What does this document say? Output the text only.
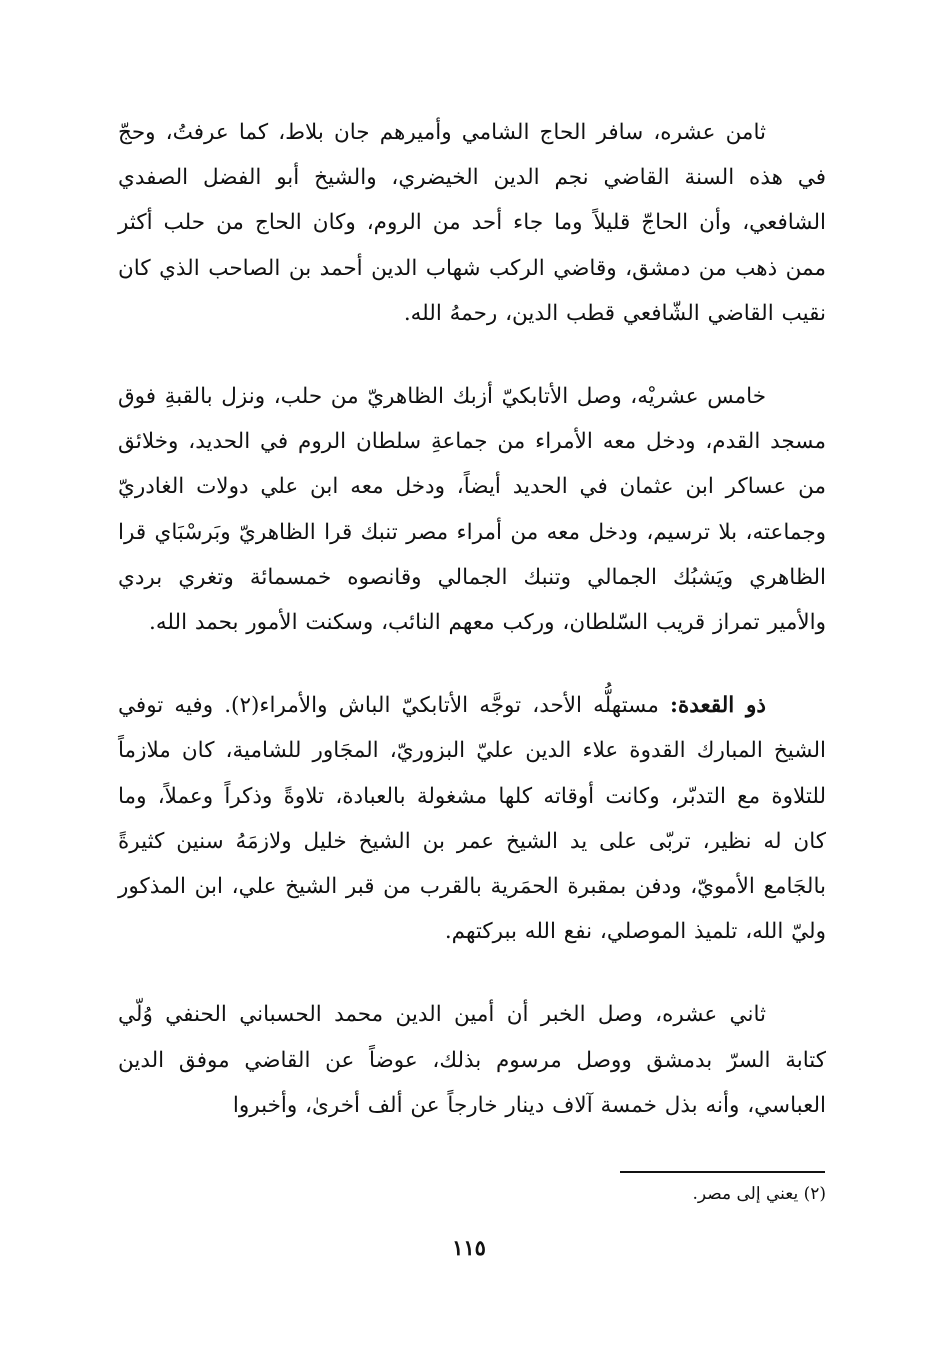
ثامن عشره، سافر الحاج الشامي وأميرهم جان بلاط، كما عرفتُ، وحجّ في هذه السنة القاضي نجم الدين الخيضري، والشيخ أبو الفضل الصفدي الشافعي، وأن الحاجّ قليلاً وما جاء أحد من الروم، وكان الحاج من حلب أكثر ممن ذهب من دمشق، وقاضي الركب شهاب الدين أحمد بن الصاحب الذي كان نقيب القاضي الشّافعي قطب الدين، رحمهُ الله.

خامس عشريْه، وصل الأتابكيّ أزبك الظاهريّ من حلب، ونزل بالقبةِ فوق مسجد القدم، ودخل معه الأمراء من جماعةِ سلطان الروم في الحديد، وخلائق من عساكر ابن عثمان في الحديد أيضاً، ودخل معه ابن علي دولات الغادريّ وجماعته، بلا ترسيم، ودخل معه من أمراء مصر تنبك قرا الظاهريّ وبَرسْبَاي قرا الظاهري ويَشبُك الجمالي وتنبك الجمالي وقانصوه خمسمائة وتغري بردي والأمير تمراز قريب السّلطان، وركب معهم النائب، وسكنت الأمور بحمد الله.

ذو القعدة: مستهلُّه الأحد، توجَّه الأتابكيّ الباش والأمراء(٢). وفيه توفي الشيخ المبارك القدوة علاء الدين عليّ البزوريّ، المجَاور للشامية، كان ملازماً للتلاوة مع التدبّر، وكانت أوقاته كلها مشغولة بالعبادة، تلاوةً وذكراً وعملاً، وما كان له نظير، تربّى على يد الشيخ عمر بن الشيخ خليل ولازمَهُ سنين كثيرةً بالجَامع الأمويّ، ودفن بمقبرة الحمَرية بالقرب من قبر الشيخ علي، ابن المذكور وليّ الله، تلميذ الموصلي، نفع الله ببركتهم.

ثاني عشره، وصل الخبر أن أمين الدين محمد الحسباني الحنفي وُلّي كتابة السرّ بدمشق ووصل مرسوم بذلك، عوضاً عن القاضي موفق الدين العباسي، وأنه بذل خمسة آلاف دينار خارجاً عن ألف أخرىٰ، وأخبروا

(٢) يعني إلى مصر.
١١٥
